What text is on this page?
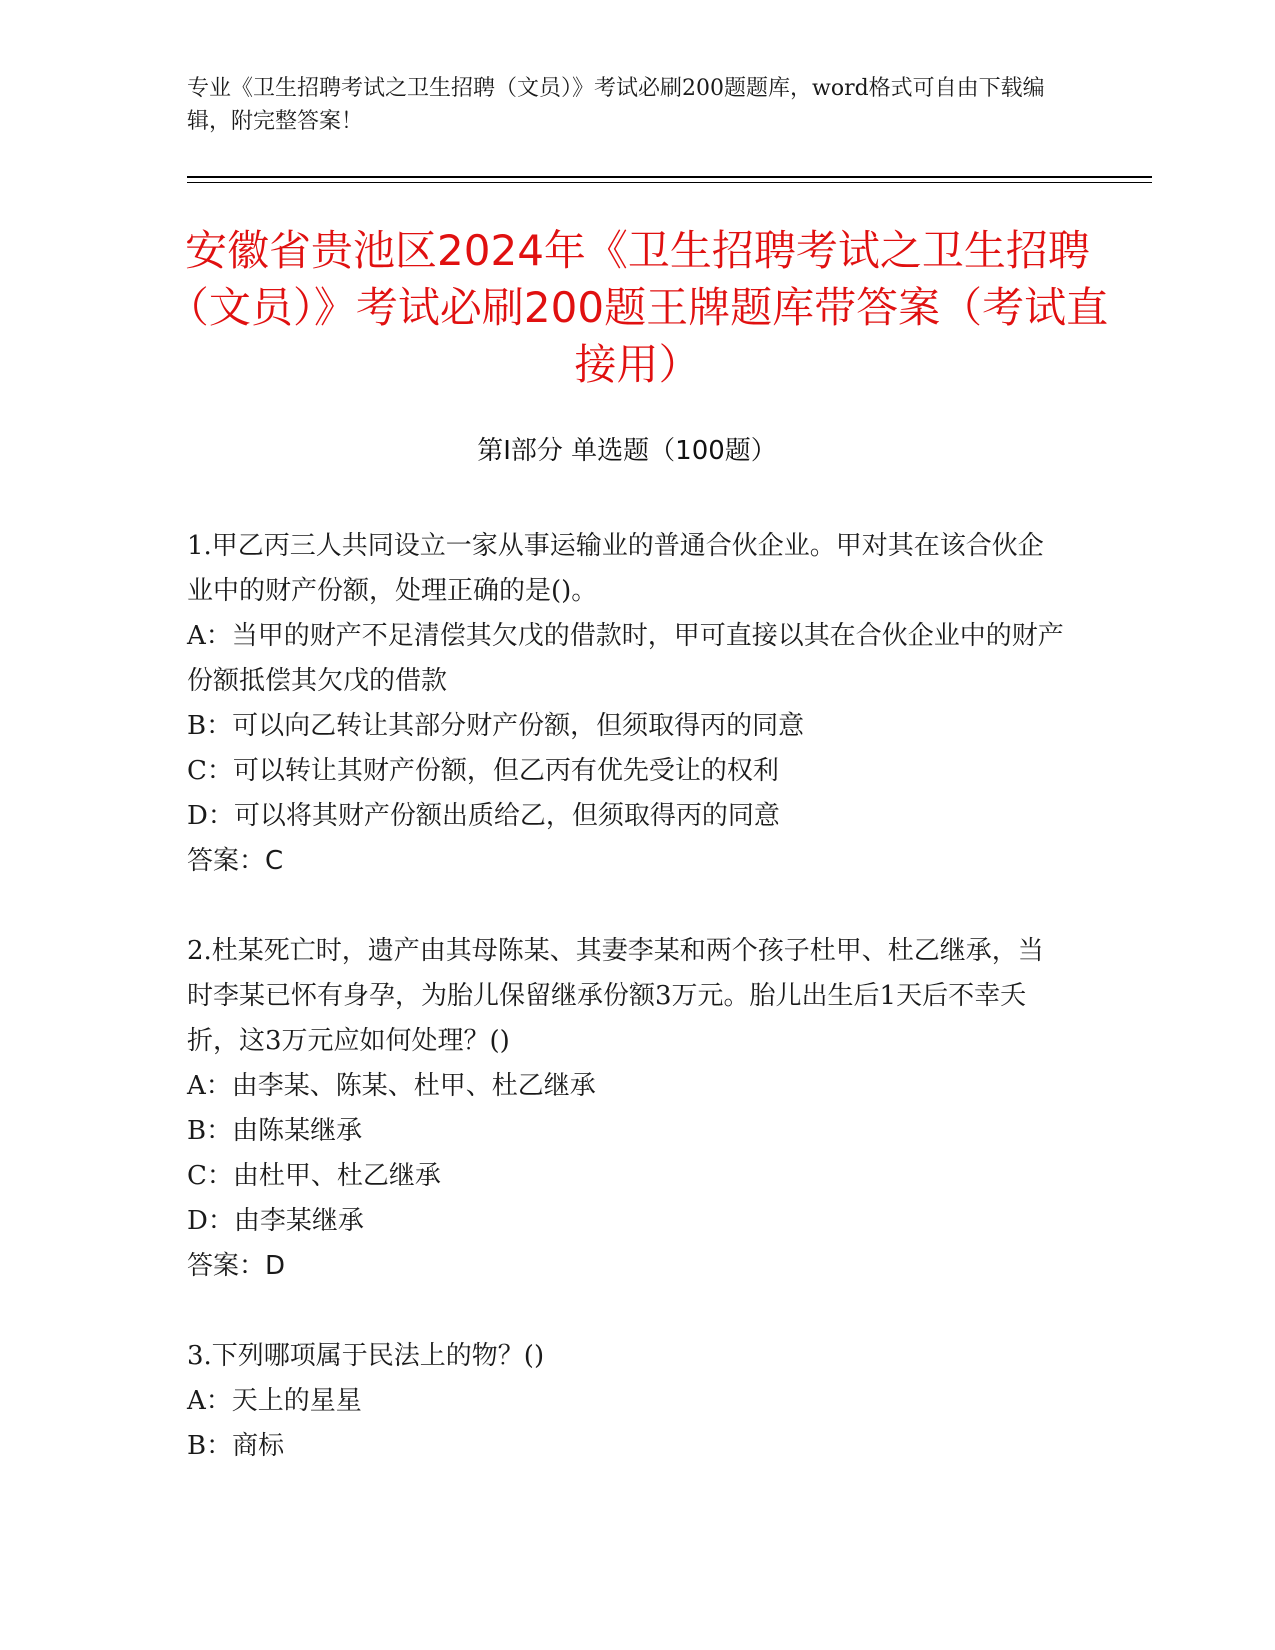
专业《卫生招聘考试之卫生招聘（文员）》考试必刷200题题库，word格式可自由下载编辑，附完整答案！
安徽省贵池区2024年《卫生招聘考试之卫生招聘（文员）》考试必刷200题王牌题库带答案（考试直接用）
第Ⅰ部分 单选题（100题）

1.甲乙丙三人共同设立一家从事运输业的普通合伙企业。甲对其在该合伙企业中的财产份额，处理正确的是()。

A：当甲的财产不足清偿其欠戊的借款时，甲可直接以其在合伙企业中的财产份额抵偿其欠戊的借款

B：可以向乙转让其部分财产份额，但须取得丙的同意

C：可以转让其财产份额，但乙丙有优先受让的权利

D：可以将其财产份额出质给乙，但须取得丙的同意

答案：C

2.杜某死亡时，遗产由其母陈某、其妻李某和两个孩子杜甲、杜乙继承，当时李某已怀有身孕，为胎儿保留继承份额3万元。胎儿出生后1天后不幸夭折，这3万元应如何处理？()

A：由李某、陈某、杜甲、杜乙继承

B：由陈某继承

C：由杜甲、杜乙继承

D：由李某继承

答案：D

3.下列哪项属于民法上的物？()

A：天上的星星

B：商标
